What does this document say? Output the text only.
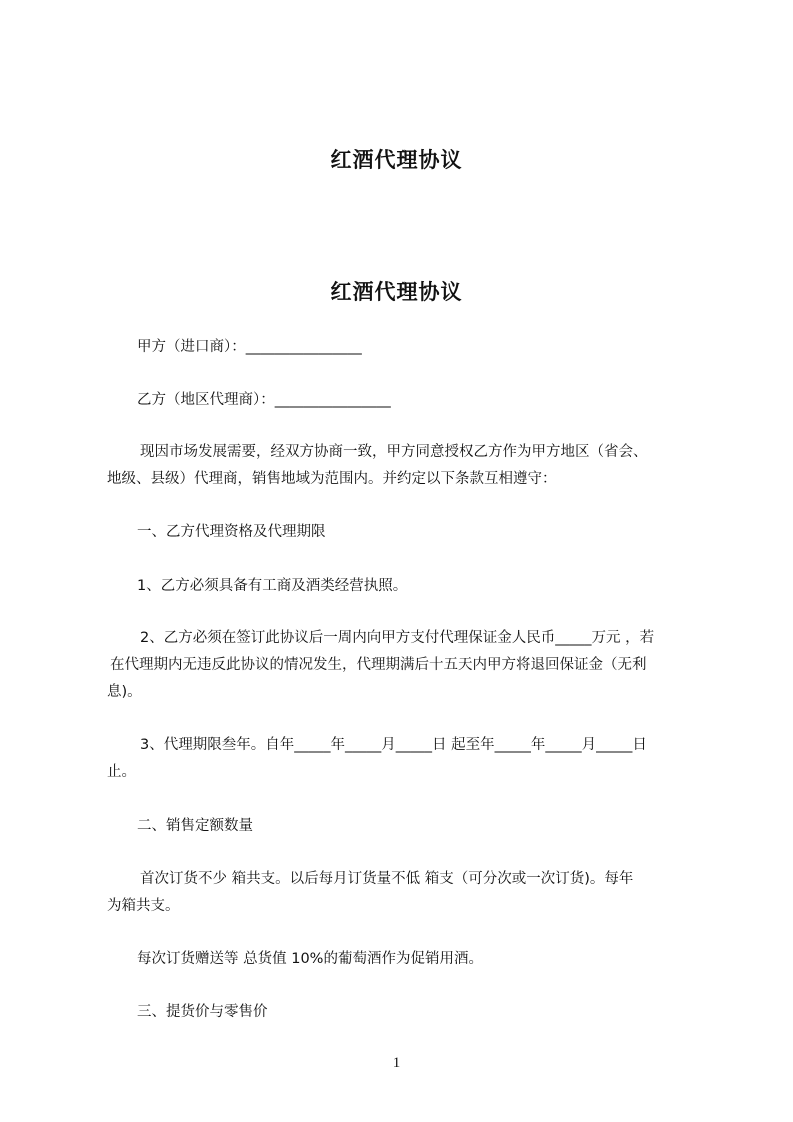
红酒代理协议
红酒代理协议
甲方（进口商）：________________
乙方（地区代理商）：________________
现因市场发展需要，经双方协商一致，甲方同意授权乙方作为甲方地区（省会、
地级、县级）代理商，销售地域为范围内。并约定以下条款互相遵守：
一、乙方代理资格及代理期限
1、乙方必须具备有工商及酒类经营执照。
2、乙方必须在签订此协议后一周内向甲方支付代理保证金人民币_____万元 ，若
在代理期内无违反此协议的情况发生，代理期满后十五天内甲方将退回保证金（无利
息)。
3、代理期限叁年。自年_____年_____月_____日 起至年_____年_____月_____日
止。
二、销售定额数量
首次订货不少 箱共支。以后每月订货量不低 箱支（可分次或一次订货)。每年
为箱共支。
每次订货赠送等 总货值 10%的葡萄酒作为促销用酒。
三、提货价与零售价
1
